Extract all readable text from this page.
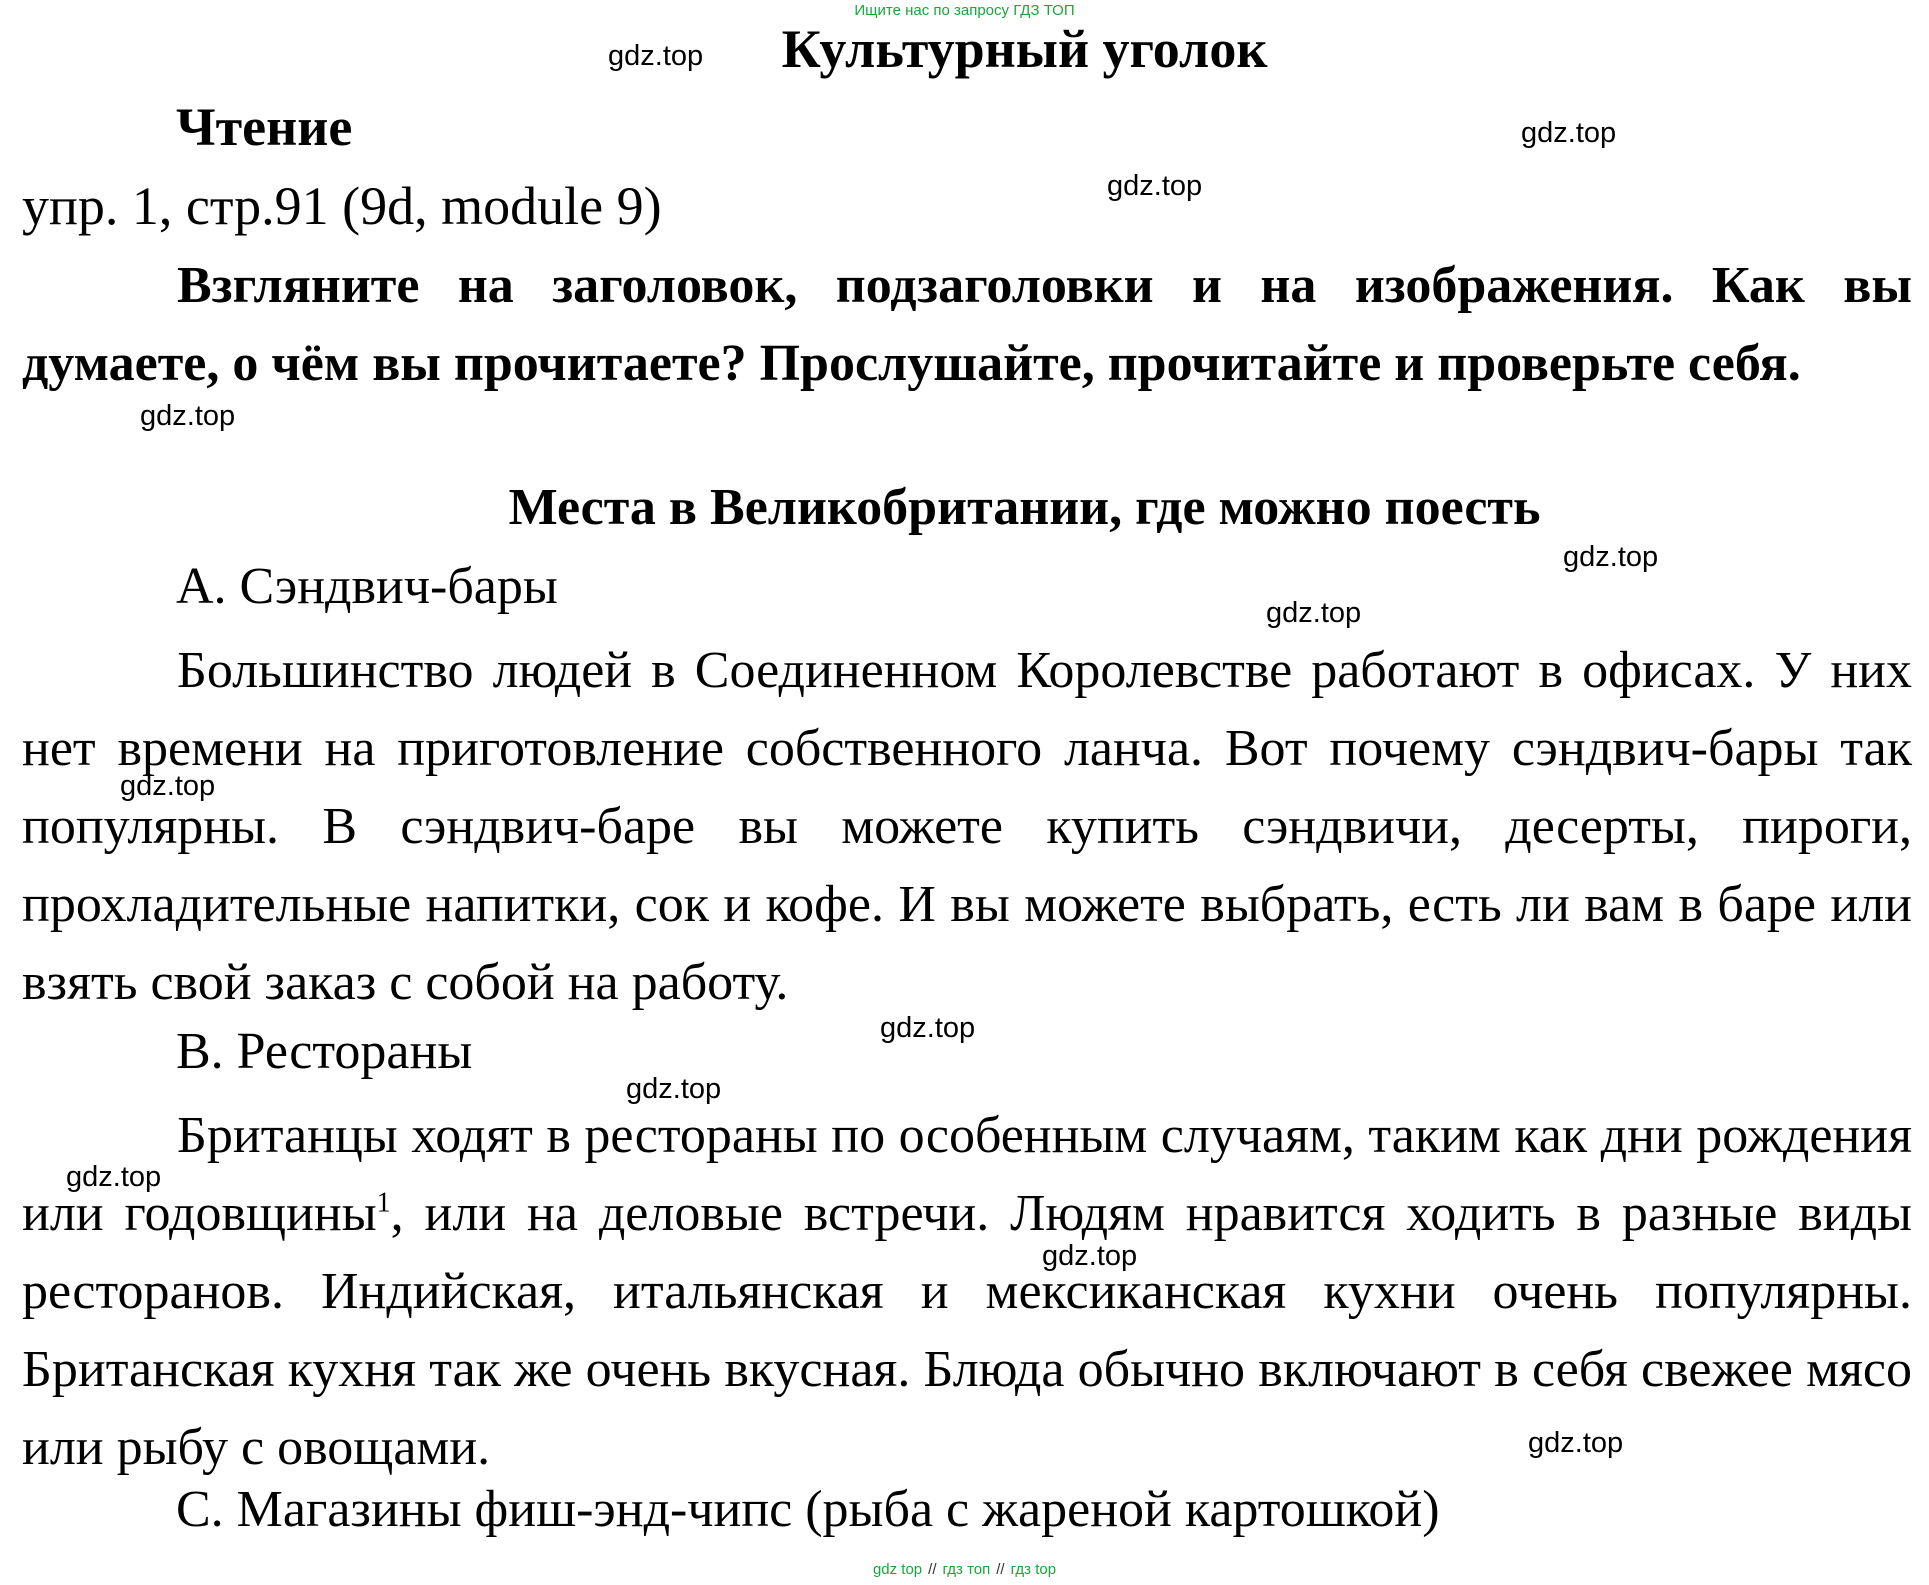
Ищите нас по запросу ГДЗ ТОП
Культурный уголок
Чтение
упр. 1, стр.91 (9d, module 9)
Взгляните на заголовок, подзаголовки и на изображения. Как вы думаете, о чём вы прочитаете? Прослушайте, прочитайте и проверьте себя.
Места в Великобритании, где можно поесть
A. Сэндвич-бары
Большинство людей в Соединенном Королевстве работают в офисах. У них нет времени на приготовление собственного ланча. Вот почему сэндвич-бары так популярны. В сэндвич-баре вы можете купить сэндвичи, десерты, пироги, прохладительные напитки, сок и кофе. И вы можете выбрать, есть ли вам в баре или взять свой заказ с собой на работу.
B. Рестораны
Британцы ходят в рестораны по особенным случаям, таким как дни рождения или годовщины$^1$, или на деловые встречи. Людям нравится ходить в разные виды ресторанов. Индийская, итальянская и мексиканская кухни очень популярны. Британская кухня так же очень вкусная. Блюда обычно включают в себя свежее мясо или рыбу с овощами.
C. Магазины фиш-энд-чипс (рыба с жареной картошкой)
gdz.top
gdz.top
gdz.top
gdz.top
gdz.top
gdz.top
gdz.top
gdz.top
gdz.top
gdz.top
gdz.top
gdz.top
gdz top // гдз топ // гдз top
